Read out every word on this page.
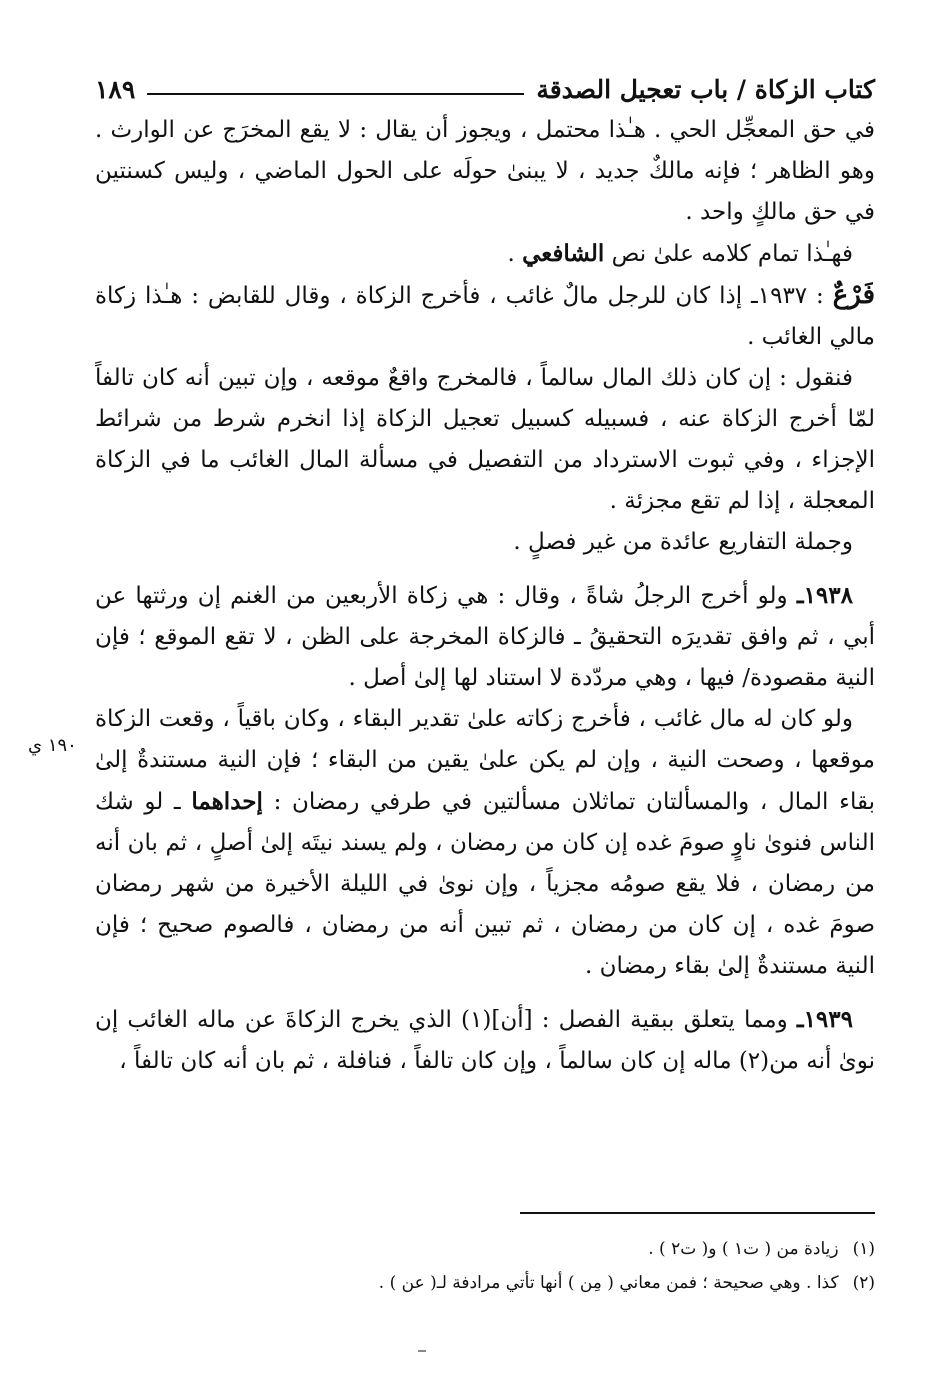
كتاب الزكاة / باب تعجيل الصدقة
١٨٩

في حق المعجِّل الحي . هـٰذا محتمل ، ويجوز أن يقال : لا يقع المخرَج عن الوارث . وهو الظاهر ؛ فإنه مالكٌ جديد ، لا يبنىٰ حولَه على الحول الماضي ، وليس كسنتين في حق مالكٍ واحد .

فهـٰذا تمام كلامه علىٰ نص الشافعي .

فَرْعٌ : ١٩٣٧ـ إذا كان للرجل مالٌ غائب ، فأخرج الزكاة ، وقال للقابض : هـٰذا زكاة مالي الغائب .

فنقول : إن كان ذلك المال سالماً ، فالمخرج واقعٌ موقعه ، وإن تبين أنه كان تالفاً لمّا أخرج الزكاة عنه ، فسبيله كسبيل تعجيل الزكاة إذا انخرم شرط من شرائط الإجزاء ، وفي ثبوت الاسترداد من التفصيل في مسألة المال الغائب ما في الزكاة المعجلة ، إذا لم تقع مجزئة .

وجملة التفاريع عائدة من غير فصلٍ .

١٩٣٨ـ ولو أخرج الرجلُ شاةً ، وقال : هي زكاة الأربعين من الغنم إن ورثتها عن أبي ، ثم وافق تقديرَه التحقيقُ ـ فالزكاة المخرجة على الظن ، لا تقع الموقع ؛ فإن النية مقصودة/ فيها ، وهي مردّدة لا استناد لها إلىٰ أصل .

ولو كان له مال غائب ، فأخرج زكاته علىٰ تقدير البقاء ، وكان باقياً ، وقعت الزكاة موقعها ، وصحت النية ، وإن لم يكن علىٰ يقين من البقاء ؛ فإن النية مستندةٌ إلىٰ بقاء المال ، والمسألتان تماثلان مسألتين في طرفي رمضان : إحداهما ـ لو شك الناس فنوىٰ ناوٍ صومَ غده إن كان من رمضان ، ولم يسند نيتَه إلىٰ أصلٍ ، ثم بان أنه من رمضان ، فلا يقع صومُه مجزياً ، وإن نوىٰ في الليلة الأخيرة من شهر رمضان صومَ غده ، إن كان من رمضان ، ثم تبين أنه من رمضان ، فالصوم صحيح ؛ فإن النية مستندةٌ إلىٰ بقاء رمضان .

١٩٣٩ـ ومما يتعلق ببقية الفصل : [أن](١) الذي يخرج الزكاةَ عن ماله الغائب إن نوىٰ أنه من(٢) ماله إن كان سالماً ، وإن كان تالفاً ، فنافلة ، ثم بان أنه كان تالفاً ،

١٩٠ ي

(١)زيادة من ( ت١ ) و( ت٢ ) .

(٢)كذا . وهي صحيحة ؛ فمن معاني ( مِن ) أنها تأتي مرادفة لـ( عن ) .
